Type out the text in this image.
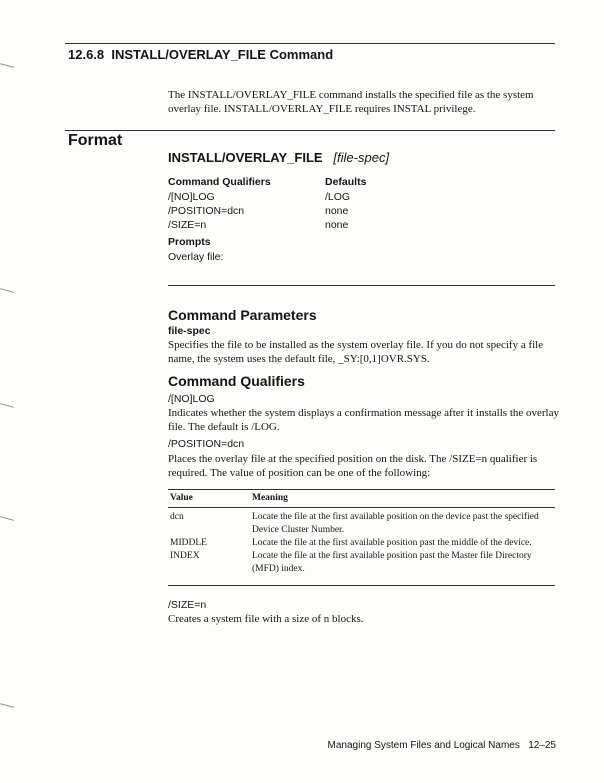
12.6.8 INSTALL/OVERLAY_FILE Command

The INSTALL/OVERLAY_FILE command installs the specified file as the system overlay file. INSTALL/OVERLAY_FILE requires INSTAL privilege.

Format
INSTALL/OVERLAY_FILE [file-spec]
Command Qualifiers	Defaults
/[NO]LOG	/LOG
/POSITION=dcn	none
/SIZE=n	none
Prompts
Overlay file:
Command Parameters
file-spec

Specifies the file to be installed as the system overlay file. If you do not specify a file name, the system uses the default file, _SY:[0,1]OVR.SYS.

Command Qualifiers
/[NO]LOG

Indicates whether the system displays a confirmation message after it installs the overlay file. The default is /LOG.

/POSITION=dcn

Places the overlay file at the specified position on the disk. The /SIZE=n qualifier is required. The value of position can be one of the following:

Value	Meaning
dcn	Locate the file at the first available position on the device past the specified Device Cluster Number.
MIDDLE	Locate the file at the first available position past the middle of the device.
INDEX	Locate the file at the first available position past the Master file Directory (MFD) index.
/SIZE=n

Creates a system file with a size of n blocks.

Managing System Files and Logical Names 12–25
